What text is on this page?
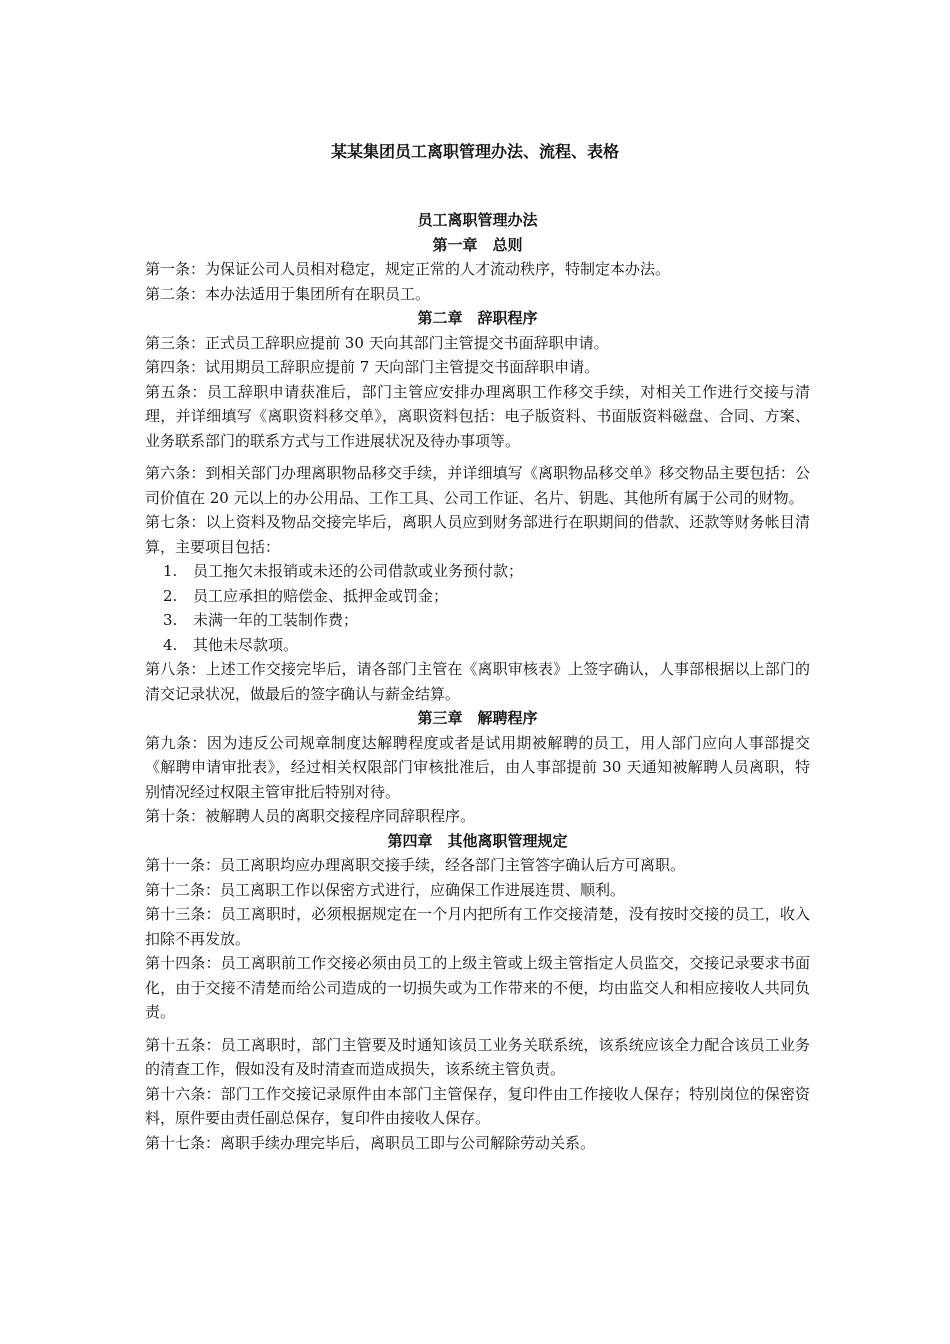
某某集团员工离职管理办法、流程、表格
员工离职管理办法
第一章　总则

第一条：为保证公司人员相对稳定，规定正常的人才流动秩序，特制定本办法。

第二条：本办法适用于集团所有在职员工。

第二章　辞职程序

第三条：正式员工辞职应提前 30 天向其部门主管提交书面辞职申请。

第四条：试用期员工辞职应提前 7 天向部门主管提交书面辞职申请。

第五条：员工辞职申请获准后，部门主管应安排办理离职工作移交手续，对相关工作进行交接与清理，并详细填写《离职资料移交单》，离职资料包括：电子版资料、书面版资料磁盘、合同、方案、业务联系部门的联系方式与工作进展状况及待办事项等。

第六条：到相关部门办理离职物品移交手续，并详细填写《离职物品移交单》移交物品主要包括：公司价值在 20 元以上的办公用品、工作工具、公司工作证、名片、钥匙、其他所有属于公司的财物。

第七条：以上资料及物品交接完毕后，离职人员应到财务部进行在职期间的借款、还款等财务帐目清算，主要项目包括：

1. 员工拖欠未报销或未还的公司借款或业务预付款；
2. 员工应承担的赔偿金、抵押金或罚金；
3. 未满一年的工装制作费；
4. 其他未尽款项。

第八条：上述工作交接完毕后，请各部门主管在《离职审核表》上签字确认，人事部根据以上部门的清交记录状况，做最后的签字确认与薪金结算。

第三章　解聘程序

第九条：因为违反公司规章制度达解聘程度或者是试用期被解聘的员工，用人部门应向人事部提交《解聘申请审批表》，经过相关权限部门审核批准后，由人事部提前 30 天通知被解聘人员离职，特别情况经过权限主管审批后特别对待。

第十条：被解聘人员的离职交接程序同辞职程序。

第四章　其他离职管理规定

第十一条：员工离职均应办理离职交接手续，经各部门主管答字确认后方可离职。

第十二条：员工离职工作以保密方式进行，应确保工作进展连贯、顺利。

第十三条：员工离职时，必须根据规定在一个月内把所有工作交接清楚，没有按时交接的员工，收入扣除不再发放。

第十四条：员工离职前工作交接必须由员工的上级主管或上级主管指定人员监交，交接记录要求书面化，由于交接不清楚而给公司造成的一切损失或为工作带来的不便，均由监交人和相应接收人共同负责。

第十五条：员工离职时，部门主管要及时通知该员工业务关联系统，该系统应该全力配合该员工业务的清查工作，假如没有及时清查而造成损失，该系统主管负责。

第十六条：部门工作交接记录原件由本部门主管保存，复印件由工作接收人保存；特别岗位的保密资料，原件要由责任副总保存，复印件由接收人保存。

第十七条：离职手续办理完毕后，离职员工即与公司解除劳动关系。
